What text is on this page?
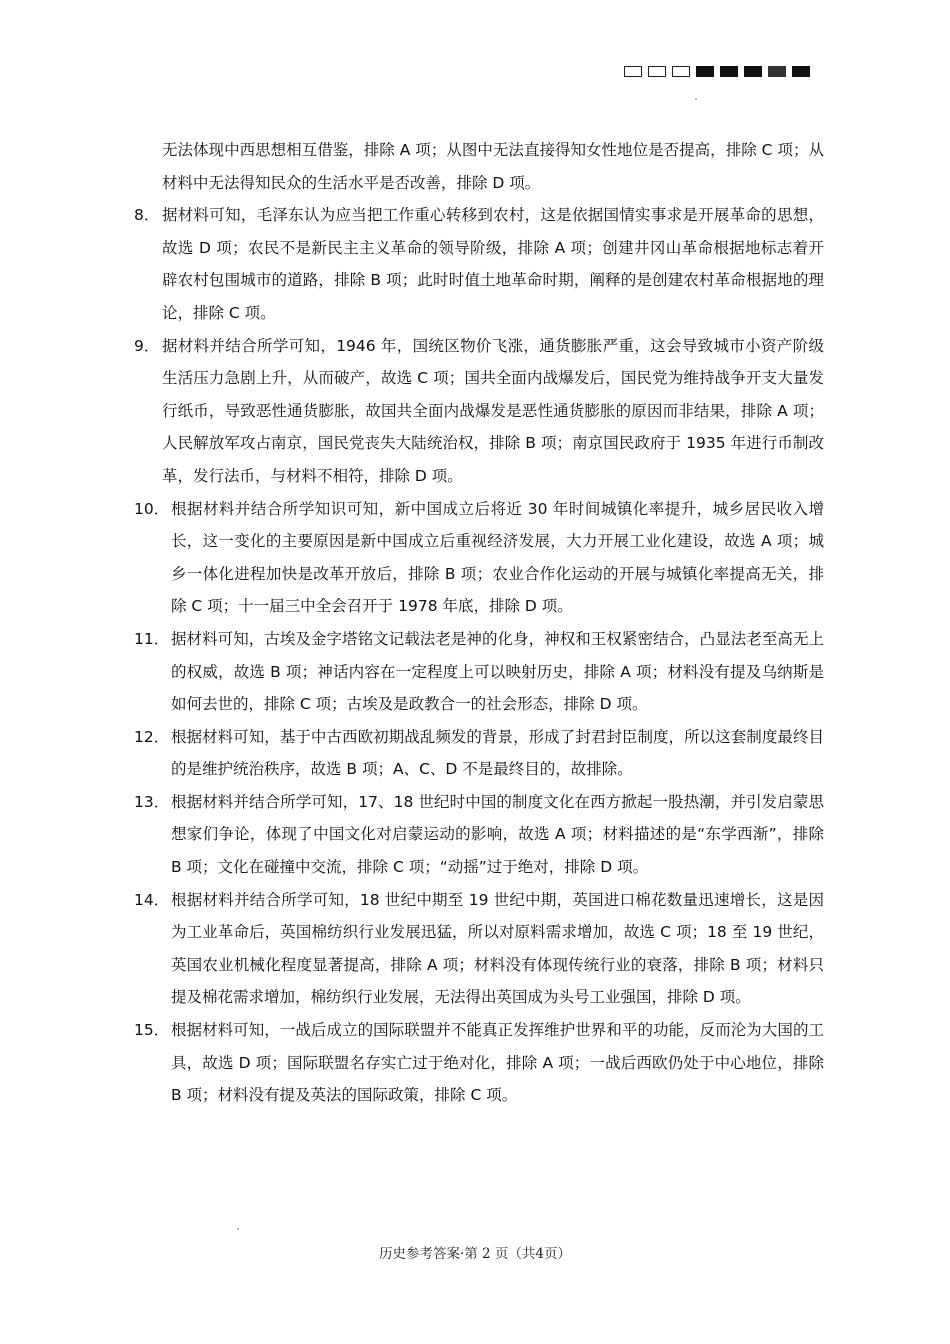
无法体现中西思想相互借鉴，排除 A 项；从图中无法直接得知女性地位是否提高，排除 C 项；从材料中无法得知民众的生活水平是否改善，排除 D 项。
8． 据材料可知，毛泽东认为应当把工作重心转移到农村，这是依据国情实事求是开展革命的思想，故选 D 项；农民不是新民主主义革命的领导阶级，排除 A 项；创建井冈山革命根据地标志着开辟农村包围城市的道路，排除 B 项；此时时值土地革命时期，阐释的是创建农村革命根据地的理论，排除 C 项。
9． 据材料并结合所学可知，1946 年，国统区物价飞涨，通货膨胀严重，这会导致城市小资产阶级生活压力急剧上升，从而破产，故选 C 项；国共全面内战爆发后，国民党为维持战争开支大量发行纸币，导致恶性通货膨胀，故国共全面内战爆发是恶性通货膨胀的原因而非结果，排除 A 项；人民解放军攻占南京，国民党丧失大陆统治权，排除 B 项；南京国民政府于 1935 年进行币制改革，发行法币，与材料不相符，排除 D 项。
10． 根据材料并结合所学知识可知，新中国成立后将近 30 年时间城镇化率提升，城乡居民收入增长，这一变化的主要原因是新中国成立后重视经济发展，大力开展工业化建设，故选 A 项；城乡一体化进程加快是改革开放后，排除 B 项；农业合作化运动的开展与城镇化率提高无关，排除 C 项；十一届三中全会召开于 1978 年底，排除 D 项。
11． 据材料可知，古埃及金字塔铭文记载法老是神的化身，神权和王权紧密结合，凸显法老至高无上的权威，故选 B 项；神话内容在一定程度上可以映射历史，排除 A 项；材料没有提及乌纳斯是如何去世的，排除 C 项；古埃及是政教合一的社会形态，排除 D 项。
12． 根据材料可知，基于中古西欧初期战乱频发的背景，形成了封君封臣制度，所以这套制度最终目的是维护统治秩序，故选 B 项；A、C、D 不是最终目的，故排除。
13． 根据材料并结合所学可知，17、18 世纪时中国的制度文化在西方掀起一股热潮，并引发启蒙思想家们争论，体现了中国文化对启蒙运动的影响，故选 A 项；材料描述的是“东学西渐”，排除 B 项；文化在碰撞中交流，排除 C 项；“动摇”过于绝对，排除 D 项。
14． 根据材料并结合所学可知，18 世纪中期至 19 世纪中期，英国进口棉花数量迅速增长，这是因为工业革命后，英国棉纺织行业发展迅猛，所以对原料需求增加，故选 C 项；18 至 19 世纪，英国农业机械化程度显著提高，排除 A 项；材料没有体现传统行业的衰落，排除 B 项；材料只提及棉花需求增加，棉纺织行业发展，无法得出英国成为头号工业强国，排除 D 项。
15． 根据材料可知，一战后成立的国际联盟并不能真正发挥维护世界和平的功能，反而沦为大国的工具，故选 D 项；国际联盟名存实亡过于绝对化，排除 A 项；一战后西欧仍处于中心地位，排除 B 项；材料没有提及英法的国际政策，排除 C 项。
历史参考答案·第 2 页（共4页）
